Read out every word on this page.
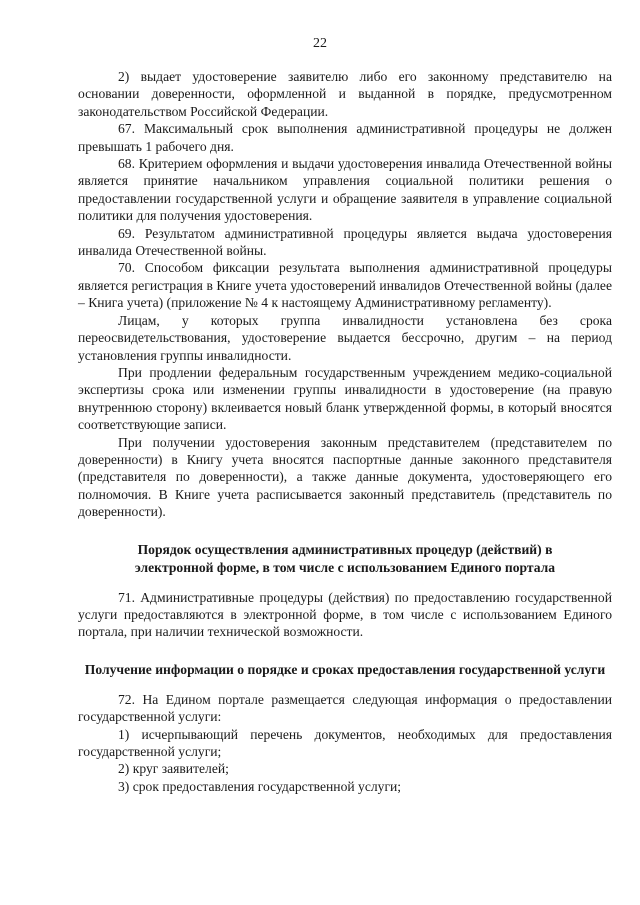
22

2) выдает удостоверение заявителю либо его законному представителю на основании доверенности, оформленной и выданной в порядке, предусмотренном законодательством Российской Федерации.

67. Максимальный срок выполнения административной процедуры не должен превышать 1 рабочего дня.

68. Критерием оформления и выдачи удостоверения инвалида Отечественной войны является принятие начальником управления социальной политики решения о предоставлении государственной услуги и обращение заявителя в управление социальной политики для получения удостоверения.

69. Результатом административной процедуры является выдача удостоверения инвалида Отечественной войны.

70. Способом фиксации результата выполнения административной процедуры является регистрация в Книге учета удостоверений инвалидов Отечественной войны (далее – Книга учета) (приложение № 4 к настоящему Административному регламенту).

Лицам, у которых группа инвалидности установлена без срока переосвидетельствования, удостоверение выдается бессрочно, другим – на период установления группы инвалидности.

При продлении федеральным государственным учреждением медико-социальной экспертизы срока или изменении группы инвалидности в удостоверение (на правую внутреннюю сторону) вклеивается новый бланк утвержденной формы, в который вносятся соответствующие записи.

При получении удостоверения законным представителем (представителем по доверенности) в Книгу учета вносятся паспортные данные законного представителя (представителя по доверенности), а также данные документа, удостоверяющего его полномочия. В Книге учета расписывается законный представитель (представитель по доверенности).

Порядок осуществления административных процедур (действий) в электронной форме, в том числе с использованием Единого портала

71. Административные процедуры (действия) по предоставлению государственной услуги предоставляются в электронной форме, в том числе с использованием Единого портала, при наличии технической возможности.

Получение информации о порядке и сроках предоставления государственной услуги

72. На Едином портале размещается следующая информация о предоставлении государственной услуги:

1) исчерпывающий перечень документов, необходимых для предоставления государственной услуги;

2) круг заявителей;

3) срок предоставления государственной услуги;
